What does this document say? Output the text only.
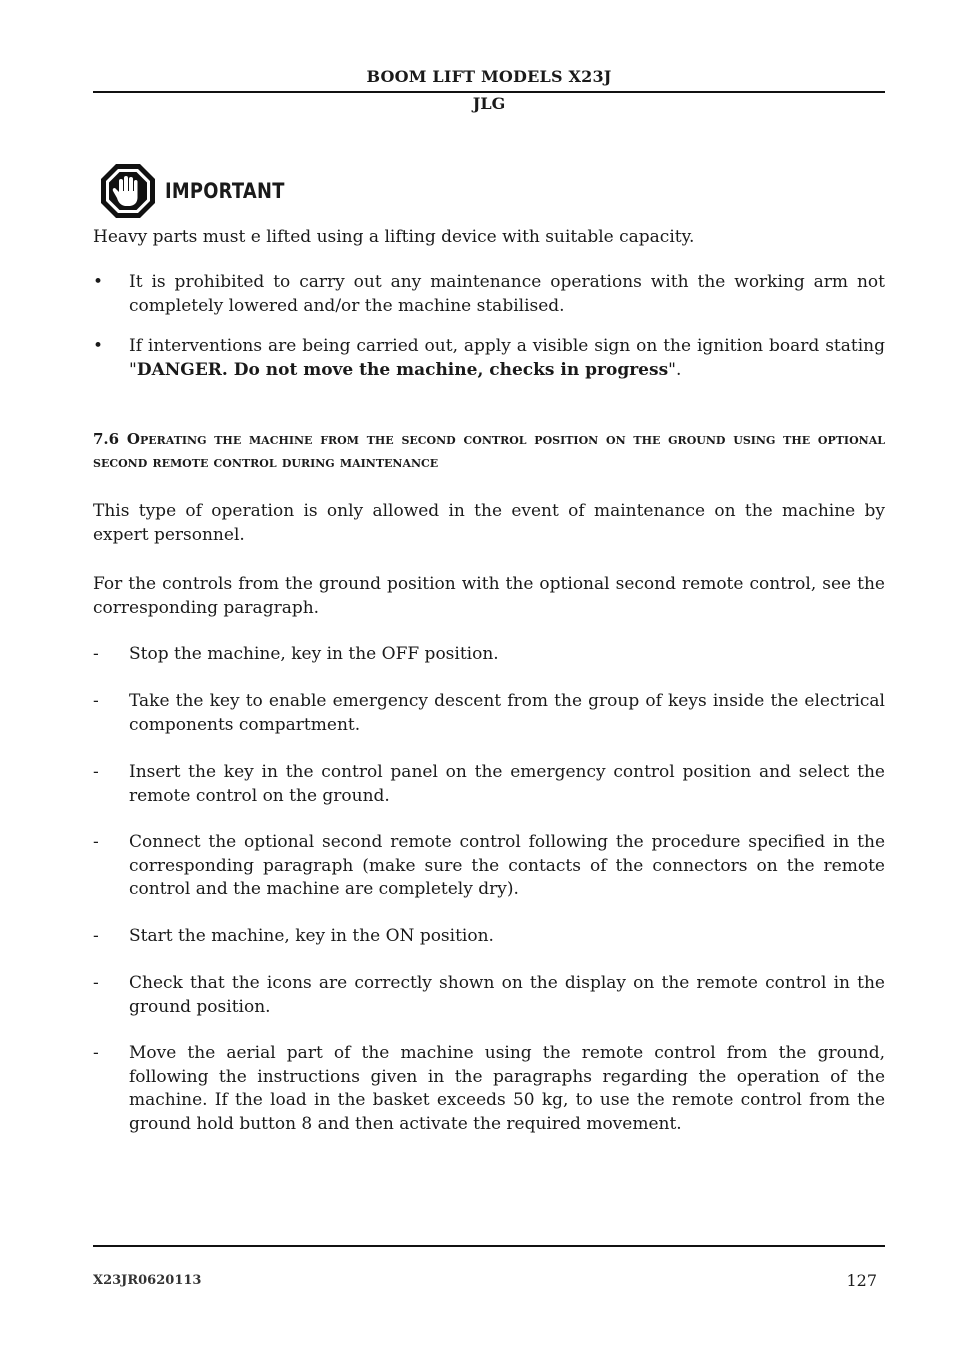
BOOM LIFT MODELS X23J
JLG
IMPORTANT
Heavy parts must e lifted using a lifting device with suitable capacity.
•	It is prohibited to carry out any maintenance operations with the working arm not completely lowered and/or the machine stabilised.
•	If interventions are being carried out, apply a visible sign on the ignition board stating "DANGER. Do not move the machine, checks in progress".
7.6 Operating the machine from the second control position on the ground using the optional second remote control during maintenance
This type of operation is only allowed in the event of maintenance on the machine by expert personnel.
For the controls from the ground position with the optional second remote control, see the corresponding paragraph.
-	Stop the machine, key in the OFF position.
-	Take the key to enable emergency descent from the group of keys inside the electrical components compartment.
-	Insert the key in the control panel on the emergency control position and select the remote control on the ground.
-	Connect the optional second remote control following the procedure specified in the corresponding paragraph (make sure the contacts of the connectors on the remote control and the machine are completely dry).
-	Start the machine, key in the ON position.
-	Check that the icons are correctly shown on the display on the remote control in the ground position.
-	Move the aerial part of the machine using the remote control from the ground, following the instructions given in the paragraphs regarding the operation of the machine. If the load in the basket exceeds 50 kg, to use the remote control from the ground hold button 8 and then activate the required movement.
X23JR0620113	127
